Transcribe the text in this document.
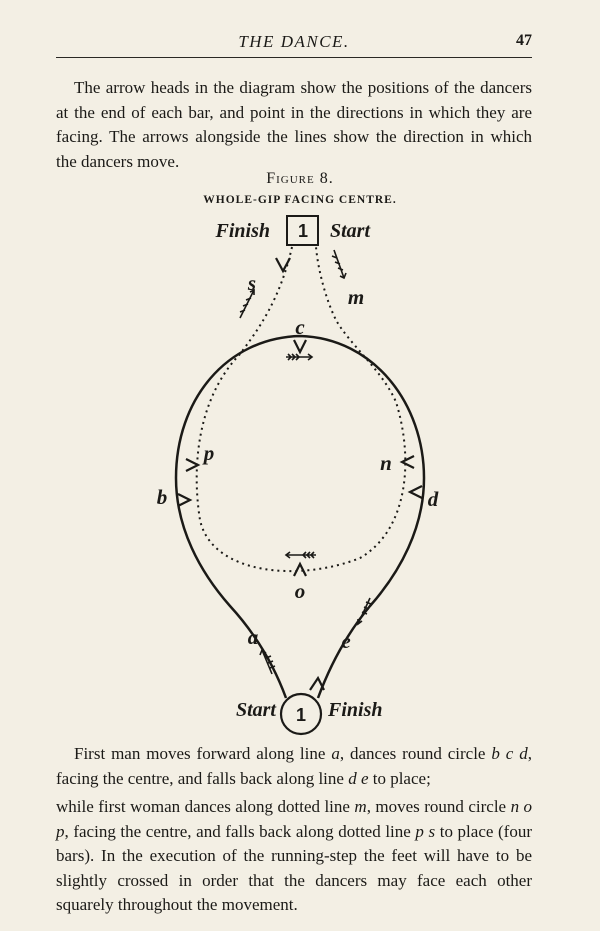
THE DANCE.	47

The arrow heads in the diagram show the positions of the dancers at the end of each bar, and point in the directions in which they are facing. The arrows alongside the lines show the direction in which the dancers move.

Figure 8.
WHOLE-GIP FACING CENTRE.
1
Finish	Start
1
Start	Finish
s
m
c
p	n
b	d
o
a	e

First man moves forward along line a, dances round circle b c d, facing the centre, and falls back along line d e to place;

while first woman dances along dotted line m, moves round circle n o p, facing the centre, and falls back along dotted line p s to place (four bars). In the execution of the running-step the feet will have to be slightly crossed in order that the dancers may face each other squarely throughout the movement.
